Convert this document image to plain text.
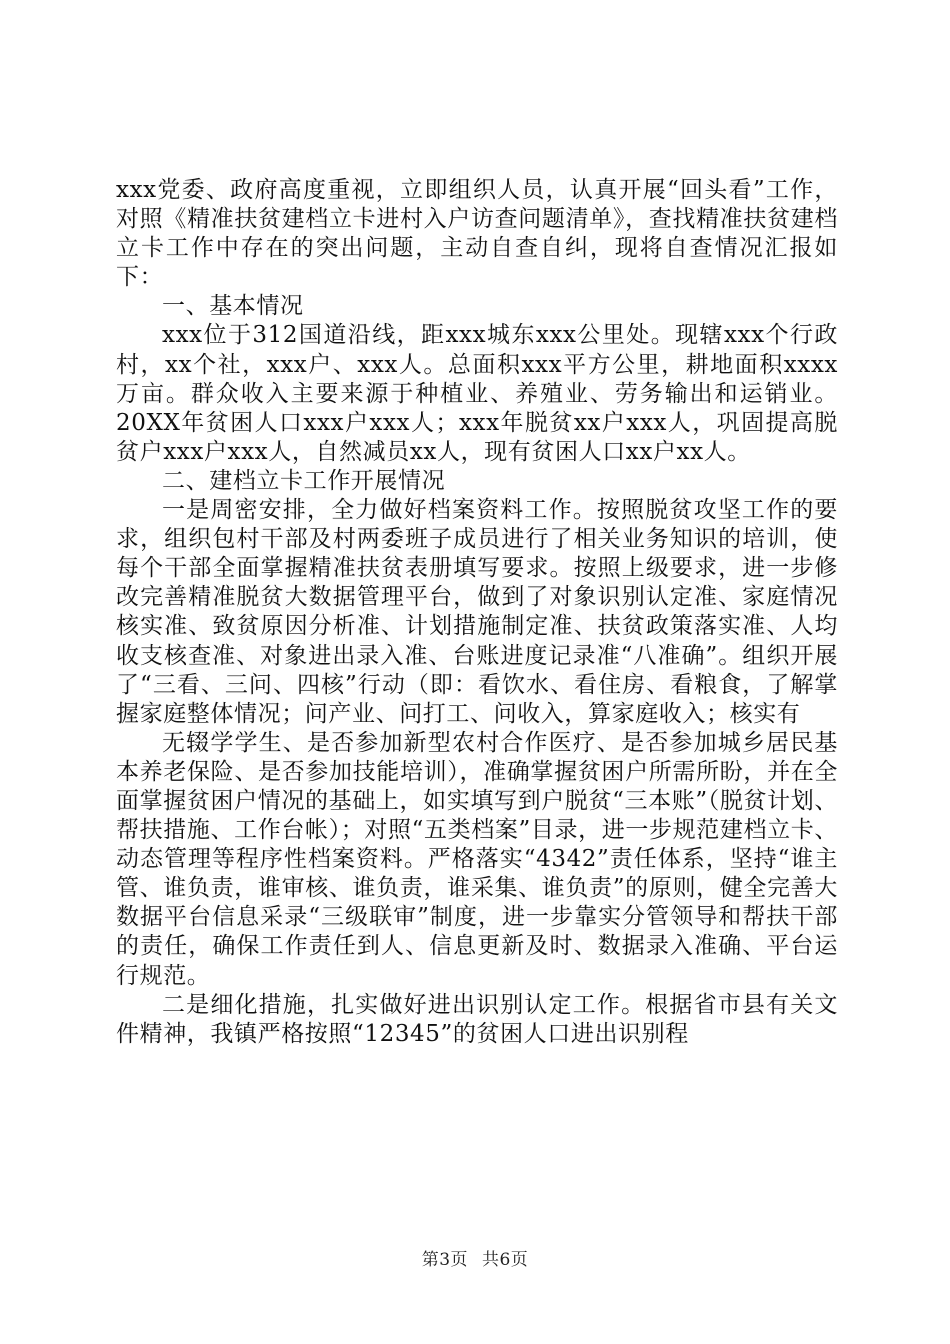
xxx党委、政府高度重视，立即组织人员，认真开展“回头看”工作，对照《精准扶贫建档立卡进村入户访查问题清单》，查找精准扶贫建档立卡工作中存在的突出问题，主动自查自纠，现将自查情况汇报如下：

一、基本情况

xxx位于312国道沿线，距xxx城东xxx公里处。现辖xxx个行政村，xx个社，xxx户、xxx人。总面积xxx平方公里，耕地面积xxxx万亩。群众收入主要来源于种植业、养殖业、劳务输出和运销业。20XX年贫困人口xxx户xxx人；xxx年脱贫xx户xxx人，巩固提高脱贫户xxx户xxx人，自然减员xx人，现有贫困人口xx户xx人。

二、建档立卡工作开展情况

一是周密安排，全力做好档案资料工作。按照脱贫攻坚工作的要求，组织包村干部及村两委班子成员进行了相关业务知识的培训，使每个干部全面掌握精准扶贫表册填写要求。按照上级要求，进一步修改完善精准脱贫大数据管理平台，做到了对象识别认定准、家庭情况核实准、致贫原因分析准、计划措施制定准、扶贫政策落实准、人均收支核查准、对象进出录入准、台账进度记录准“八准确”。组织开展了“三看、三问、四核”行动（即：看饮水、看住房、看粮食，了解掌握家庭整体情况；问产业、问打工、问收入，算家庭收入；核实有

无辍学学生、是否参加新型农村合作医疗、是否参加城乡居民基本养老保险、是否参加技能培训），准确掌握贫困户所需所盼，并在全面掌握贫困户情况的基础上，如实填写到户脱贫“三本账”（脱贫计划、帮扶措施、工作台帐）；对照“五类档案”目录，进一步规范建档立卡、动态管理等程序性档案资料。严格落实“4342”责任体系，坚持“谁主管、谁负责，谁审核、谁负责，谁采集、谁负责”的原则，健全完善大数据平台信息采录“三级联审”制度，进一步靠实分管领导和帮扶干部的责任，确保工作责任到人、信息更新及时、数据录入准确、平台运行规范。

二是细化措施，扎实做好进出识别认定工作。根据省市县有关文件精神，我镇严格按照“12345”的贫困人口进出识别程

第3页 共6页
